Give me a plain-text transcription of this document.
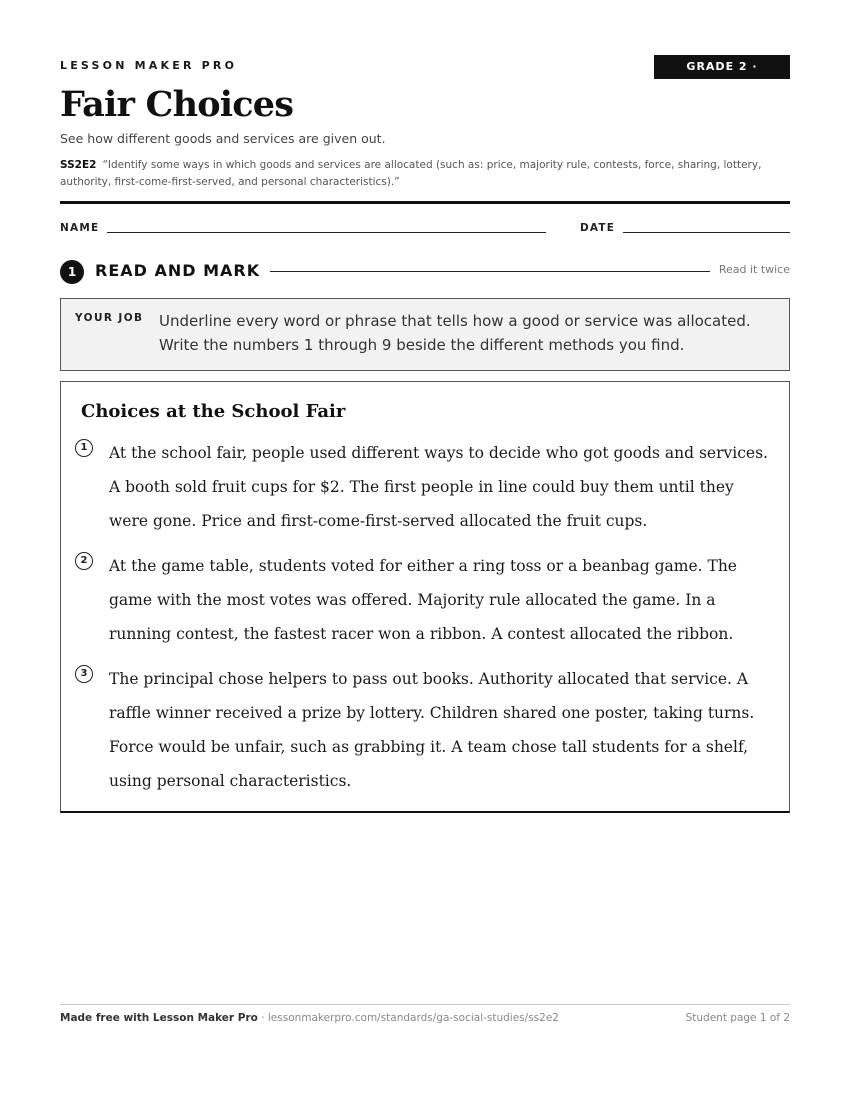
LESSON MAKER PRO	GRADE 2 · SS2E2
Fair Choices
See how different goods and services are given out.
SS2E2 “Identify some ways in which goods and services are allocated (such as: price, majority rule, contests, force, sharing, lottery, authority, first-come-first-served, and personal characteristics).”
NAME	DATE
1	READ AND MARK	Read it twice
YOUR JOB Underline every word or phrase that tells how a good or service was allocated. Write the numbers 1 through 9 beside the different methods you find.
Choices at the School Fair
1	At the school fair, people used different ways to decide who got goods and services. A booth sold fruit cups for $2. The first people in line could buy them until they were gone. Price and first-come-first-served allocated the fruit cups.
2	At the game table, students voted for either a ring toss or a beanbag game. The game with the most votes was offered. Majority rule allocated the game. In a running contest, the fastest racer won a ribbon. A contest allocated the ribbon.
3	The principal chose helpers to pass out books. Authority allocated that service. A raffle winner received a prize by lottery. Children shared one poster, taking turns. Force would be unfair, such as grabbing it. A team chose tall students for a shelf, using personal characteristics.
Made free with Lesson Maker Pro · lessonmakerpro.com/standards/ga-social-studies/ss2e2	Student page 1 of 2
